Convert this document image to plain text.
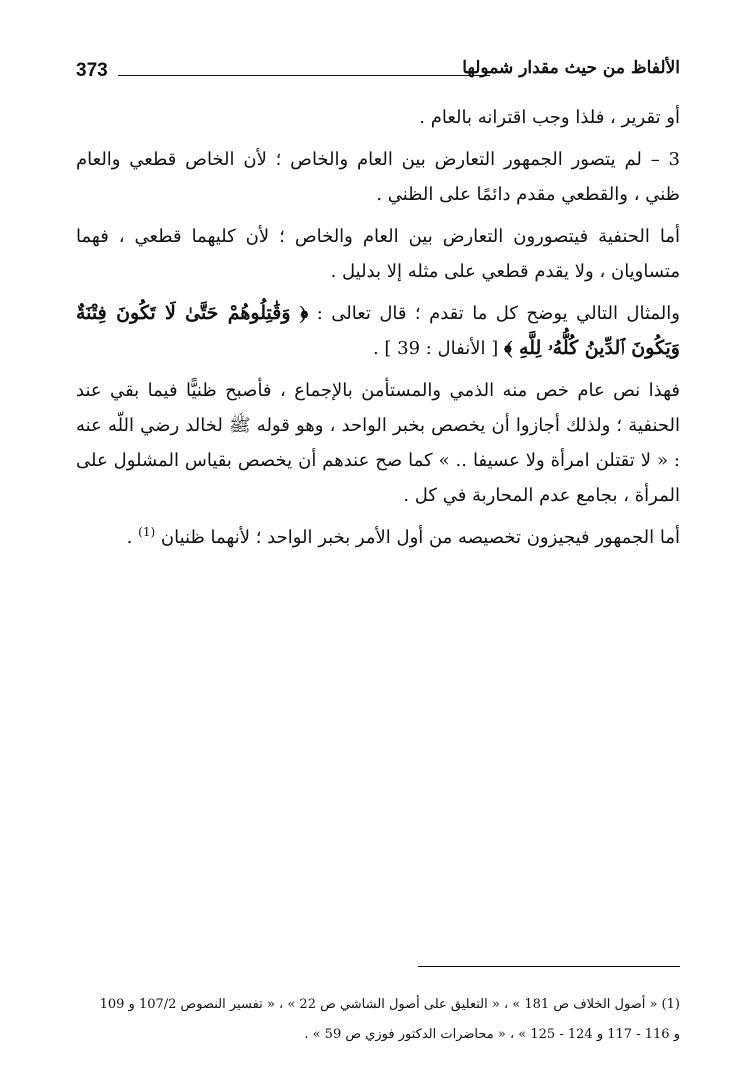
373	الألفاظ من حيث مقدار شمولها

أو تقرير ، فلذا وجب اقترانه بالعام .

3 – لم يتصور الجمهور التعارض بين العام والخاص ؛ لأن الخاص قطعي والعام ظني ، والقطعي مقدم دائمًا على الظني .

أما الحنفية فيتصورون التعارض بين العام والخاص ؛ لأن كليهما قطعي ، فهما متساويان ، ولا يقدم قطعي على مثله إلا بدليل .

والمثال التالي يوضح كل ما تقدم ؛ قال تعالى : ﴿ وَقَٰتِلُوهُمْ حَتَّىٰ لَا تَكُونَ فِتْنَةٌ وَيَكُونَ ٱلدِّينُ كُلُّهُۥ لِلَّهِ ﴾ [ الأنفال : 39 ] .

فهذا نص عام خص منه الذمي والمستأمن بالإجماع ، فأصبح ظنيًّا فيما بقي عند الحنفية ؛ ولذلك أجازوا أن يخصص بخبر الواحد ، وهو قوله ﷺ لخالد رضي اللّه عنه : « لا تقتلن امرأة ولا عسيفا .. » كما صح عندهم أن يخصص بقياس المشلول على المرأة ، بجامع عدم المحاربة في كل .

أما الجمهور فيجيزون تخصيصه من أول الأمر بخبر الواحد ؛ لأنهما ظنيان $^{(1)}$ .

(1) « أصول الخلاف ص 181 » ، « التعليق على أصول الشاشي ص 22 » ، « تفسير النصوص 107/2 و 109

و 116 - 117 و 124 - 125 » ، « محاضرات الدكتور فوزي ص 59 » .
